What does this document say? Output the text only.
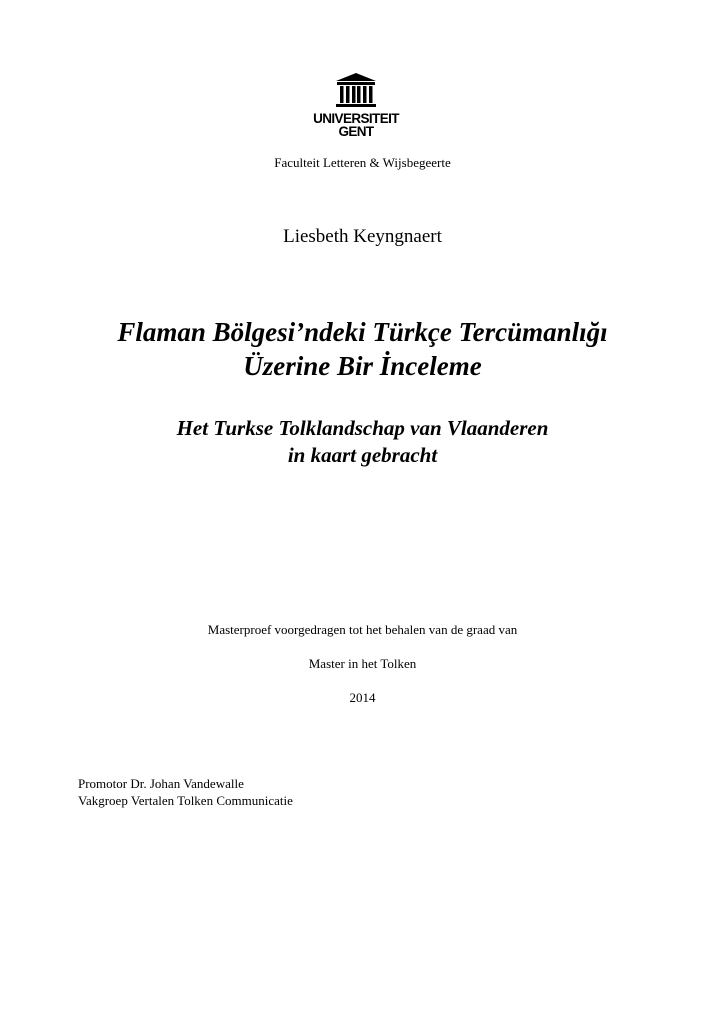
UNIVERSITEIT
GENT
Faculteit Letteren & Wijsbegeerte
Liesbeth Keyngnaert
Flaman Bölgesi’ndeki Türkçe Tercümanlığı
Üzerine Bir İnceleme
Het Turkse Tolklandschap van Vlaanderen
in kaart gebracht
Masterproef voorgedragen tot het behalen van de graad van
Master in het Tolken
2014
Promotor Dr. Johan Vandewalle
Vakgroep Vertalen Tolken Communicatie
